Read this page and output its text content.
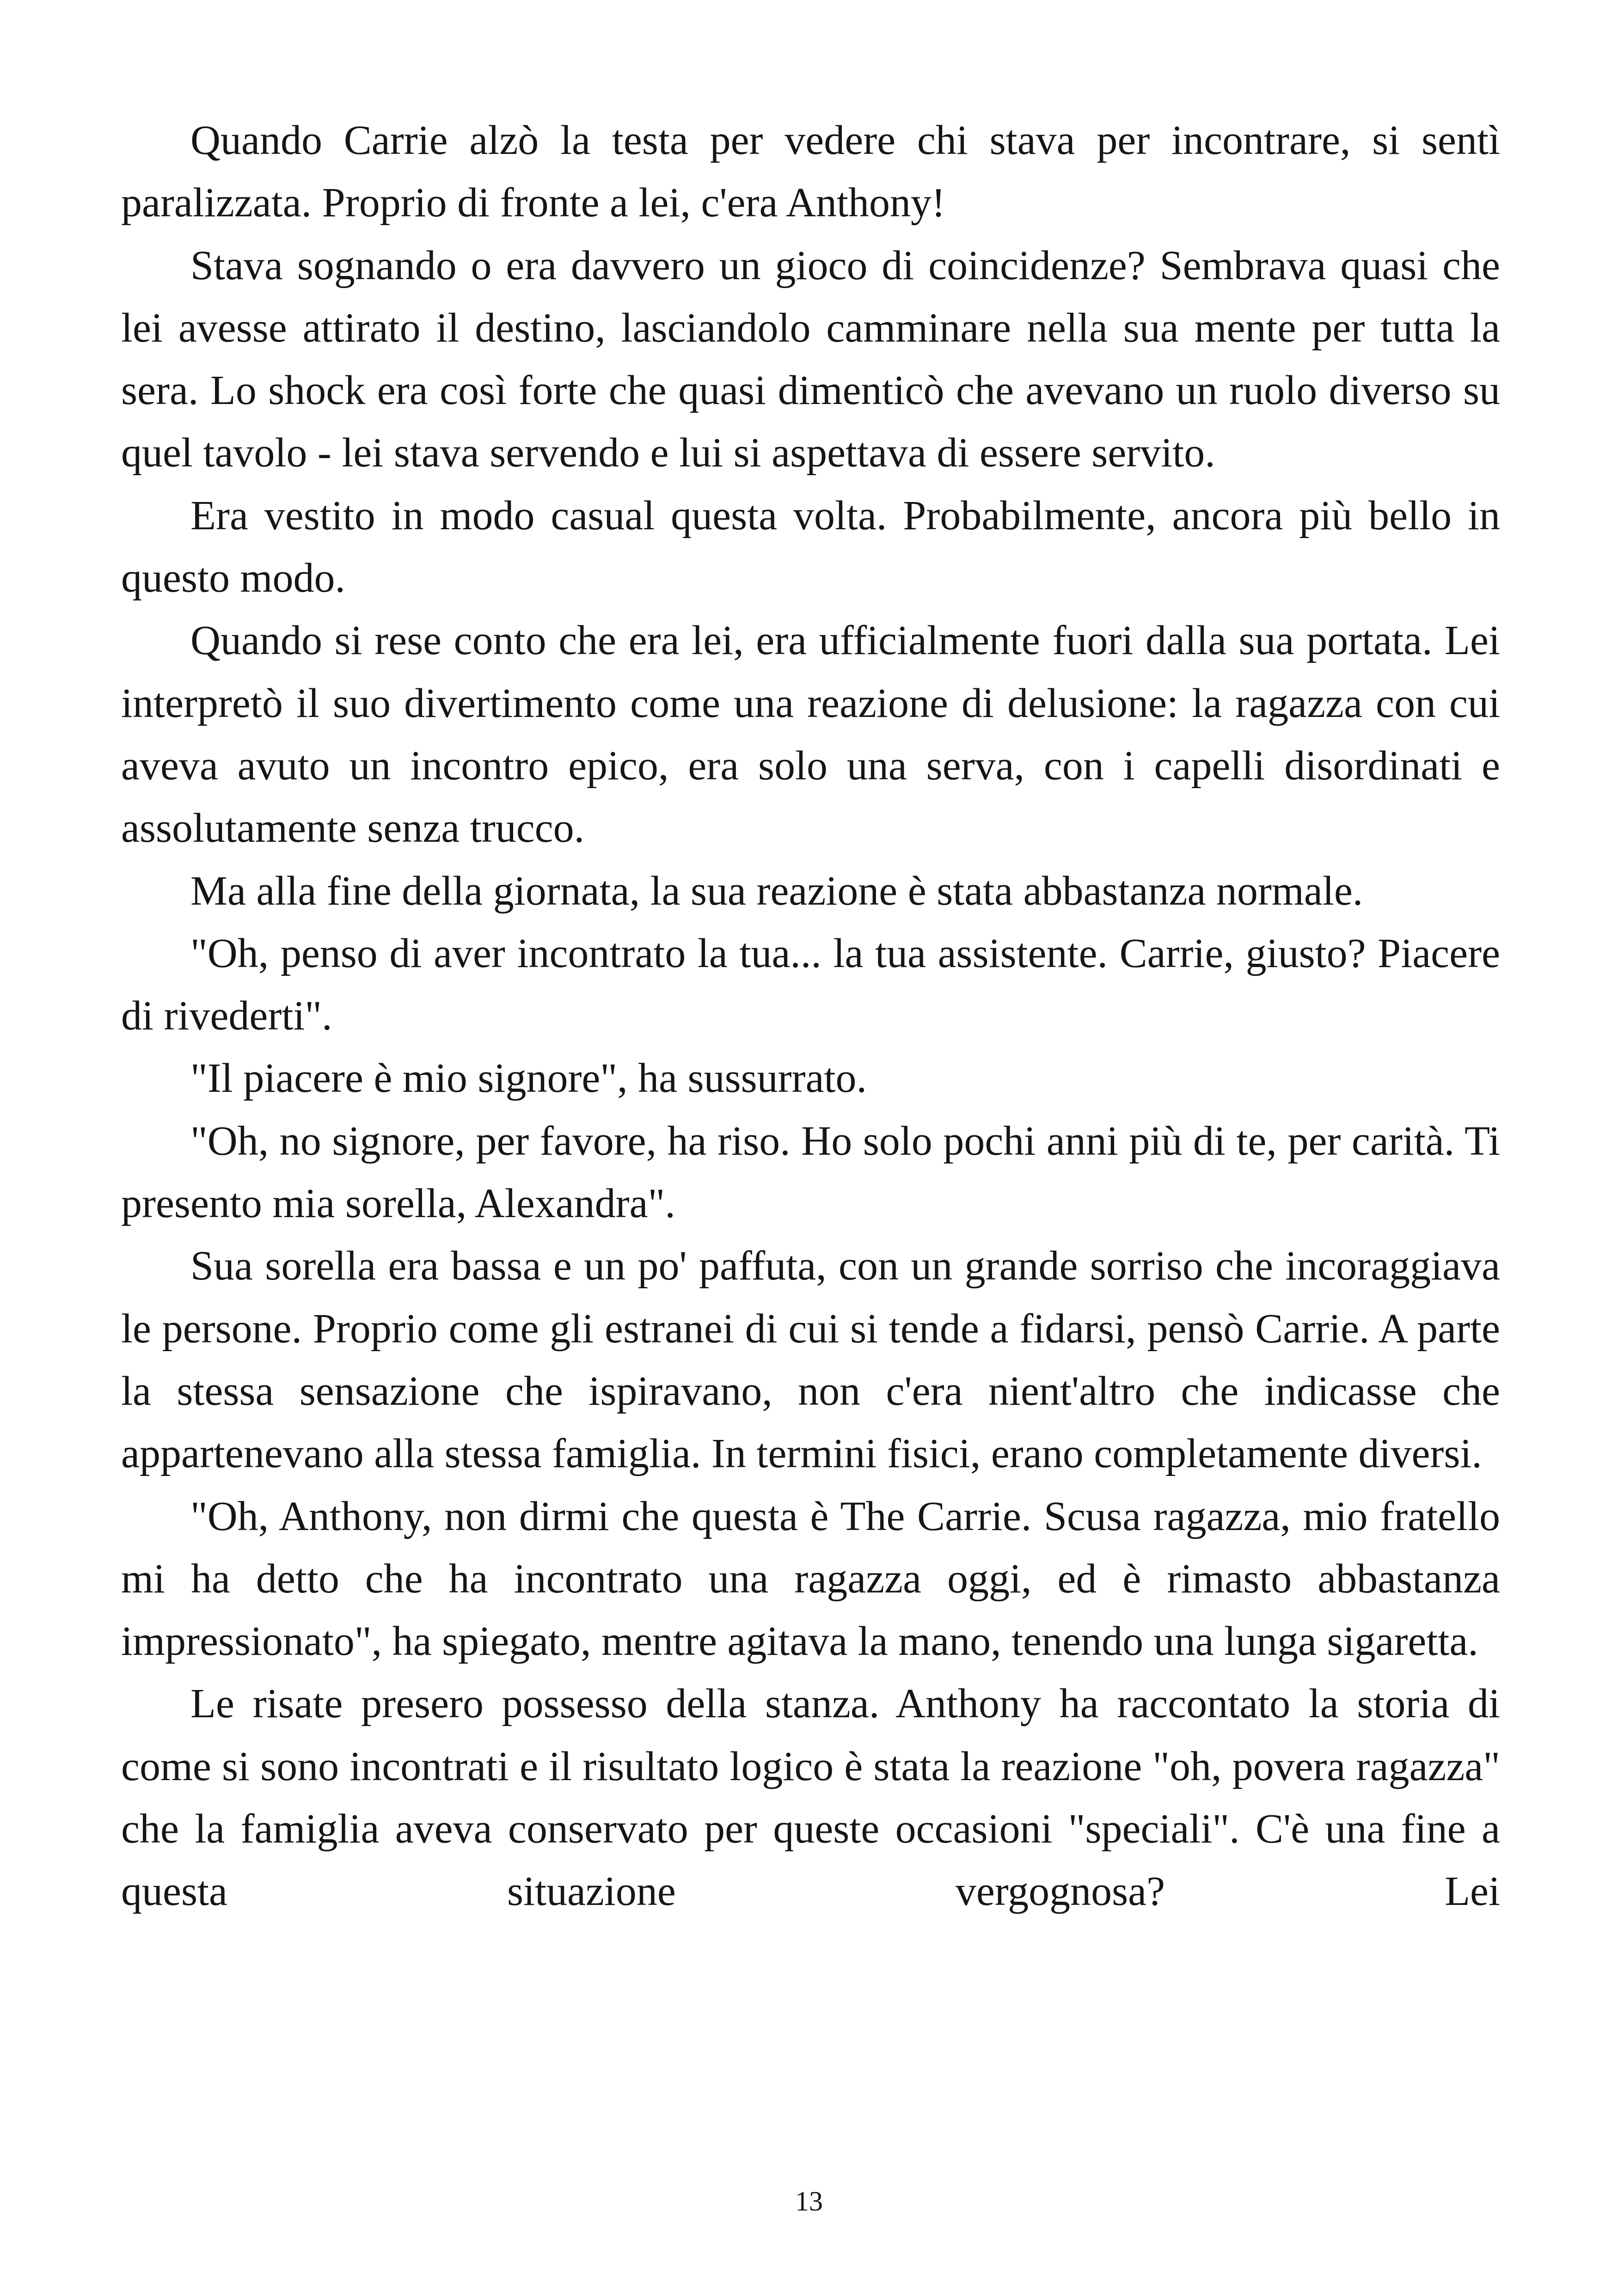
Quando Carrie alzò la testa per vedere chi stava per incontrare, si sentì paralizzata. Proprio di fronte a lei, c'era Anthony!

Stava sognando o era davvero un gioco di coincidenze? Sembrava quasi che lei avesse attirato il destino, lasciandolo camminare nella sua mente per tutta la sera. Lo shock era così forte che quasi dimenticò che avevano un ruolo diverso su quel tavolo - lei stava servendo e lui si aspettava di essere servito.

Era vestito in modo casual questa volta. Probabilmente, ancora più bello in questo modo.

Quando si rese conto che era lei, era ufficialmente fuori dalla sua portata. Lei interpretò il suo divertimento come una reazione di delusione: la ragazza con cui aveva avuto un incontro epico, era solo una serva, con i capelli disordinati e assolutamente senza trucco.

Ma alla fine della giornata, la sua reazione è stata abbastanza normale.

"Oh, penso di aver incontrato la tua... la tua assistente. Carrie, giusto? Piacere di rivederti".

"Il piacere è mio signore", ha sussurrato.

"Oh, no signore, per favore, ha riso. Ho solo pochi anni più di te, per carità. Ti presento mia sorella, Alexandra".

Sua sorella era bassa e un po' paffuta, con un grande sorriso che incoraggiava le persone. Proprio come gli estranei di cui si tende a fidarsi, pensò Carrie. A parte la stessa sensazione che ispiravano, non c'era nient'altro che indicasse che appartenevano alla stessa famiglia. In termini fisici, erano completamente diversi.

"Oh, Anthony, non dirmi che questa è The Carrie. Scusa ragazza, mio fratello mi ha detto che ha incontrato una ragazza oggi, ed è rimasto abbastanza impressionato", ha spiegato, mentre agitava la mano, tenendo una lunga sigaretta.

Le risate presero possesso della stanza. Anthony ha raccontato la storia di come si sono incontrati e il risultato logico è stata la reazione "oh, povera ragazza" che la famiglia aveva conservato per queste occasioni "speciali". C'è una fine a questa situazione vergognosa? Lei

13
